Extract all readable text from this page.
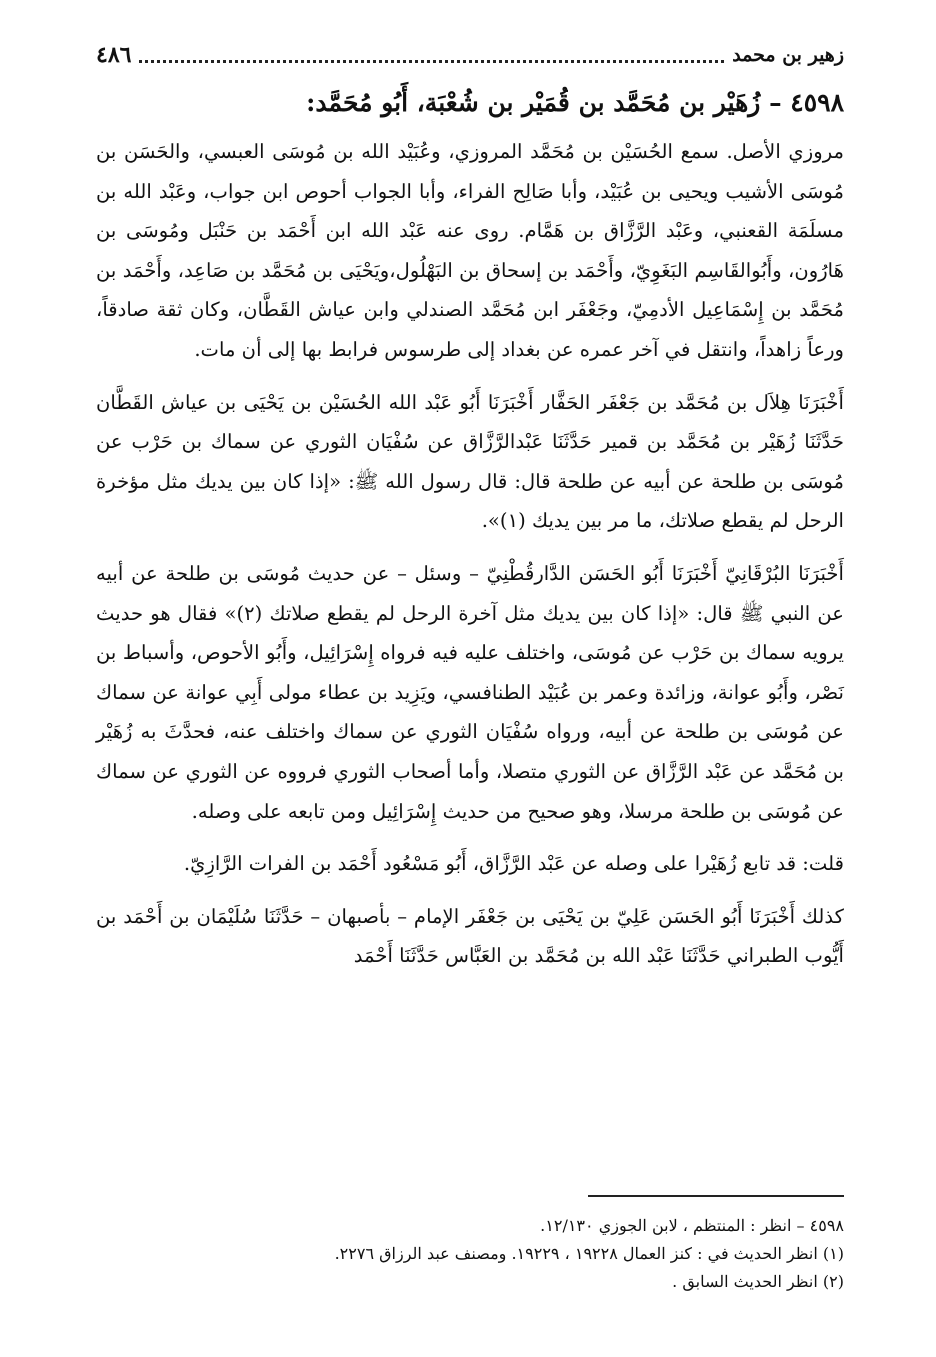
زهير بن محمد
٤٨٦
٤٥٩٨ – زُهَيْر بن مُحَمَّد بن قُمَيْر بن شُعْبَة، أَبُو مُحَمَّد:

مروزي الأصل. سمع الحُسَيْن بن مُحَمَّد المروزي، وعُبَيْد الله بن مُوسَى العبسي، والحَسَن بن مُوسَى الأشيب ويحيى بن عُبَيْد، وأبا صَالِح الفراء، وأبا الجواب أحوص ابن جواب، وعَبْد الله بن مسلَمَة القعنبي، وعَبْد الرَّزَّاق بن هَمَّام. روى عنه عَبْد الله ابن أَحْمَد بن حَنْبَل ومُوسَى بن هَارُون، وأَبُوالقَاسِم البَغَوِيّ، وأَحْمَد بن إسحاق بن البَهْلُول،ويَحْيَى بن مُحَمَّد بن صَاعِد، وأَحْمَد بن مُحَمَّد بن إِسْمَاعِيل الأدمِيّ، وجَعْفَر ابن مُحَمَّد الصندلي وابن عياش القَطَّان، وكان ثقة صادقاً، ورعاً زاهداً، وانتقل في آخر عمره عن بغداد إلى طرسوس فرابط بها إلى أن مات.

أَخْبَرَنَا هِلاَل بن مُحَمَّد بن جَعْفَر الحَفَّار أَخْبَرَنَا أَبُو عَبْد الله الحُسَيْن بن يَحْيَى بن عياش القَطَّان حَدَّثَنَا زُهَيْر بن مُحَمَّد بن قمير حَدَّثَنَا عَبْدالرَّزَّاق عن سُفْيَان الثوري عن سماك بن حَرْب عن مُوسَى بن طلحة عن أبيه عن طلحة قال: قال رسول الله ﷺ: «إذا كان بين يديك مثل مؤخرة الرحل لم يقطع صلاتك، ما مر بين يديك (١)».

أَخْبَرَنَا البُرْقَانِيّ أَخْبَرَنَا أَبُو الحَسَن الدَّارقُطْنِيّ – وسئل – عن حديث مُوسَى بن طلحة عن أبيه عن النبي ﷺ قال: «إذا كان بين يديك مثل آخرة الرحل لم يقطع صلاتك (٢)» فقال هو حديث يرويه سماك بن حَرْب عن مُوسَى، واختلف عليه فيه فرواه إِسْرَائِيل، وأَبُو الأحوص، وأسباط بن نَصْر، وأَبُو عوانة، وزائدة وعمر بن عُبَيْد الطنافسي، ويَزِيد بن عطاء مولى أَبِي عوانة عن سماك عن مُوسَى بن طلحة عن أبيه، ورواه سُفْيَان الثوري عن سماك واختلف عنه، فحدَّثَ به زُهَيْر بن مُحَمَّد عن عَبْد الرَّزَّاق عن الثوري متصلا، وأما أصحاب الثوري فرووه عن الثوري عن سماك عن مُوسَى بن طلحة مرسلا، وهو صحيح من حديث إِسْرَائِيل ومن تابعه على وصله.

قلت: قد تابع زُهَيْرا على وصله عن عَبْد الرَّزَّاق، أَبُو مَسْعُود أَحْمَد بن الفرات الرَّازِيّ.

كذلك أَخْبَرَنَا أَبُو الحَسَن عَلِيّ بن يَحْيَى بن جَعْفَر الإمام – بأصبهان – حَدَّثَنَا سُلَيْمَان بن أَحْمَد بن أَيُّوب الطبراني حَدَّثَنَا عَبْد الله بن مُحَمَّد بن العَبَّاس حَدَّثَنَا أَحْمَد

٤٥٩٨ – انظر : المنتظم ، لابن الجوزي ١٢/١٣٠.
(١) انظر الحديث في : كنز العمال ١٩٢٢٨ ، ١٩٢٢٩. ومصنف عبد الرزاق ٢٢٧٦.
(٢) انظر الحديث السابق .
